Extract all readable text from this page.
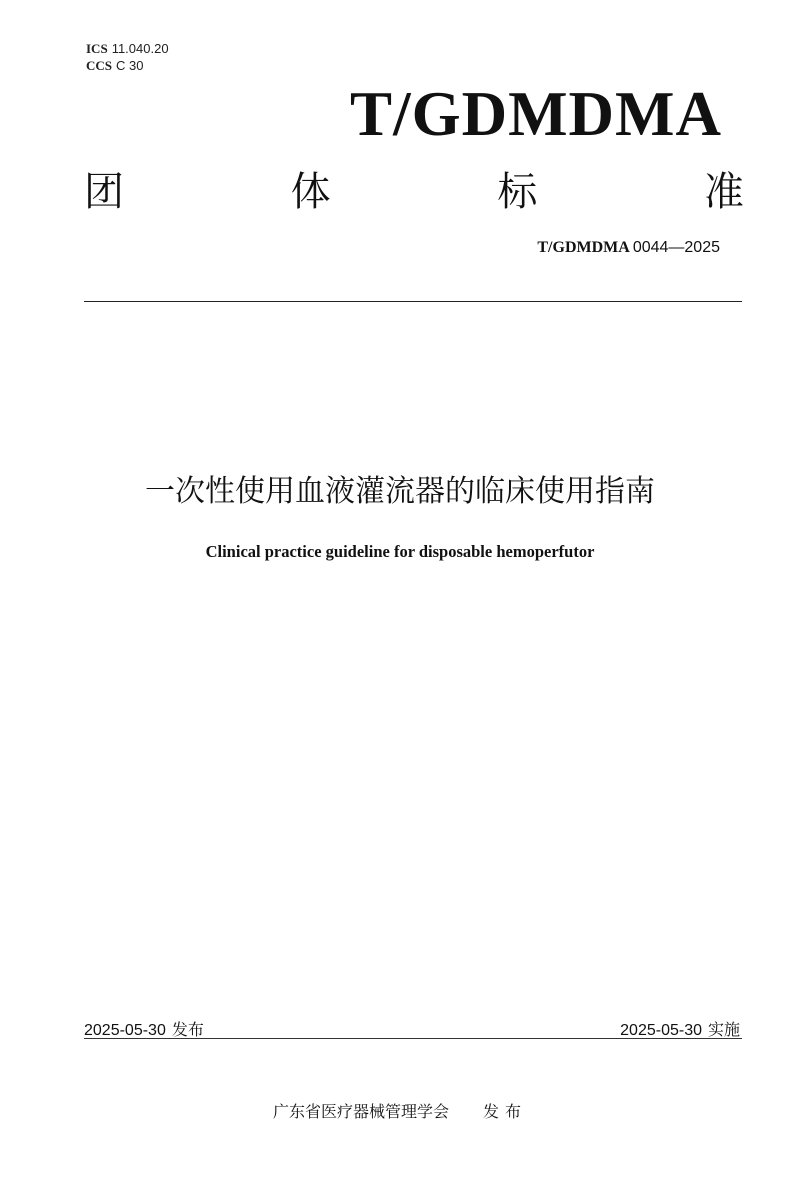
ICS 11.040.20
CCS C 30
T/GDMDMA
团	体	标	准
T/GDMDMA 0044—2025
一次性使用血液灌流器的临床使用指南
Clinical practice guideline for disposable hemoperfutor
2025-05-30 发布	2025-05-30 实施
广东省医疗器械管理学会 发布
